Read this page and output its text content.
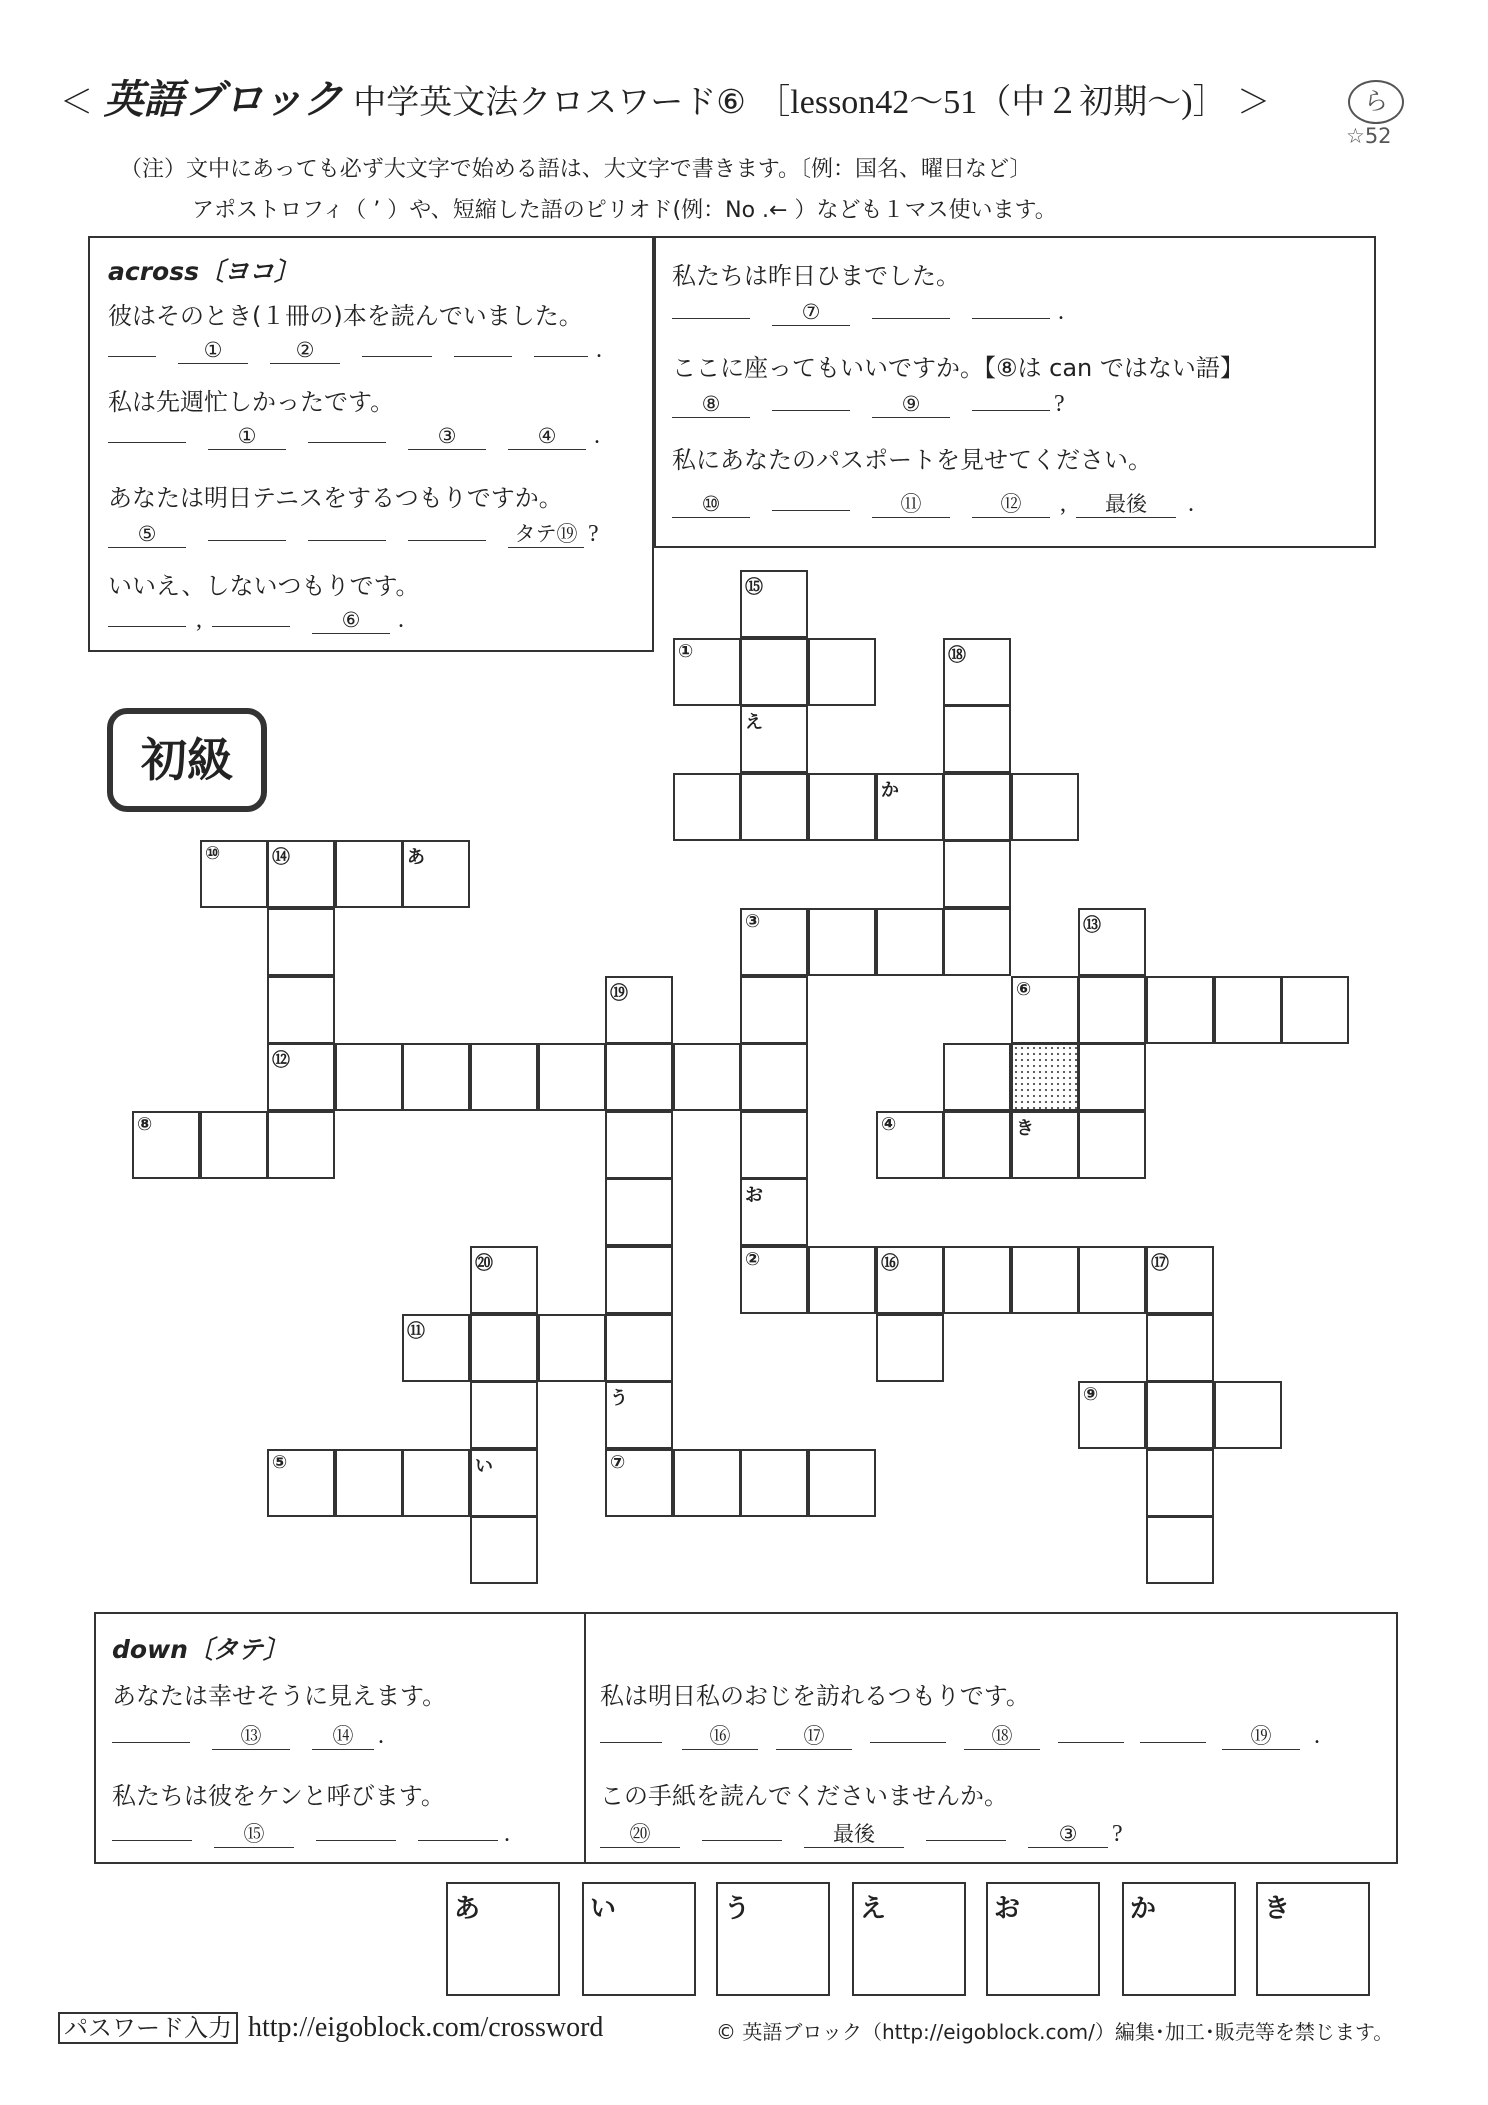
＜ 英語ブロック 中学英文法クロスワード⑥ ［lesson42～51（中２初期～)］ ＞	ら
☆52
（注）文中にあっても必ず大文字で始める語は、大文字で書きます。〔例：国名、曜日など〕
アポストロフィ（ ’ ）や、短縮した語のピリオド(例：No .← ）なども１マス使います。
across〔ヨコ〕
彼はそのとき(１冊の)本を読んでいました。
①	②	.
私は先週忙しかったです。
①	③	④ .
あなたは明日テニスをするつもりですか。
⑤	タテ⑲ ?
いいえ、しないつもりです。
,	⑥ .
私たちは昨日ひまでした。
⑦	.
ここに座ってもいいですか。【⑧は can ではない語】
⑧	⑨	?
私にあなたのパスポートを見せてください。
⑩	⑪	⑫ , 最後 .
初級
⑮
①	⑱
え
か
⑩	⑭	あ
③	⑬
⑲	⑥
⑫
⑧	④	き
お
⑳	②	⑯	⑰
⑪
う	⑨
⑤	い	⑦
down〔タテ〕
あなたは幸せそうに見えます。
⑬	⑭ .
私たちは彼をケンと呼びます。
⑮	.
私は明日私のおじを訪れるつもりです。
⑯	⑰	⑱	⑲ .
この手紙を読んでくださいませんか。
⑳	最後	③ ?
あ	い	う	え	お	か	き
パスワード入力 http://eigoblock.com/crossword	© 英語ブロック（http://eigoblock.com/）編集･加工･販売等を禁じます。
